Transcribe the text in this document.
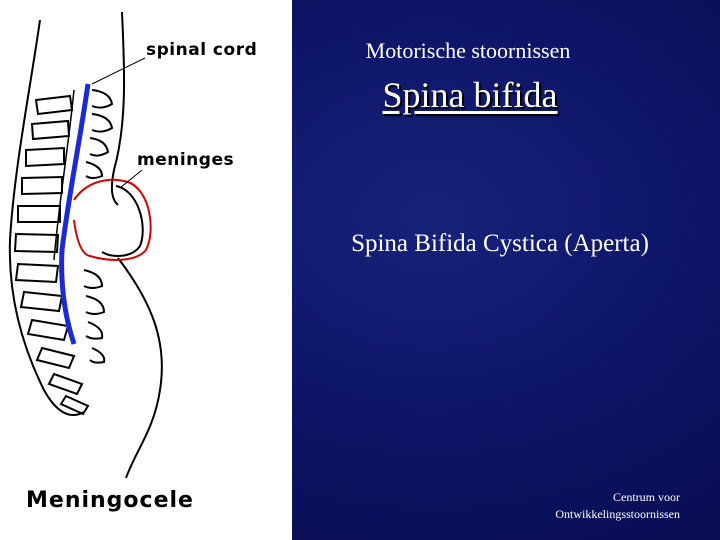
spinal cord
meninges
Meningocele
Motorische stoornissen
Spina bifida
Spina Bifida Cystica (Aperta)
Centrum voor
Ontwikkelingsstoornissen
